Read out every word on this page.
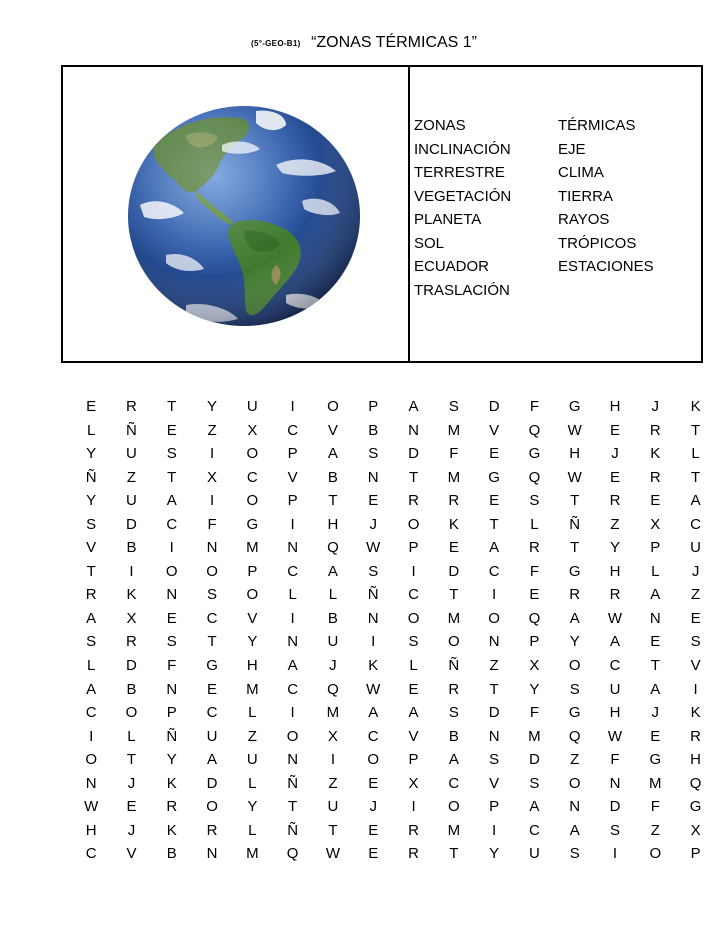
(5°-GEO-B1) “ZONAS TÉRMICAS 1”
ZONAS	TÉRMICAS
INCLINACIÓN	EJE
TERRESTRE	CLIMA
VEGETACIÓN	TIERRA
PLANETA	RAYOS
SOL	TRÓPICOS
ECUADOR	ESTACIONES
TRASLACIÓN
E	R	T	Y	U	I	O	P	A	S	D	F	G	H	J	K
L	Ñ	E	Z	X	C	V	B	N	M	V	Q	W	E	R	T
Y	U	S	I	O	P	A	S	D	F	E	G	H	J	K	L
Ñ	Z	T	X	C	V	B	N	T	M	G	Q	W	E	R	T
Y	U	A	I	O	P	T	E	R	R	E	S	T	R	E	A
S	D	C	F	G	I	H	J	O	K	T	L	Ñ	Z	X	C
V	B	I	N	M	N	Q	W	P	E	A	R	T	Y	P	U
T	I	O	O	P	C	A	S	I	D	C	F	G	H	L	J
R	K	N	S	O	L	L	Ñ	C	T	I	E	R	R	A	Z
A	X	E	C	V	I	B	N	O	M	O	Q	A	W	N	E
S	R	S	T	Y	N	U	I	S	O	N	P	Y	A	E	S
L	D	F	G	H	A	J	K	L	Ñ	Z	X	O	C	T	V
A	B	N	E	M	C	Q	W	E	R	T	Y	S	U	A	I
C	O	P	C	L	I	M	A	A	S	D	F	G	H	J	K
I	L	Ñ	U	Z	O	X	C	V	B	N	M	Q	W	E	R
O	T	Y	A	U	N	I	O	P	A	S	D	Z	F	G	H
N	J	K	D	L	Ñ	Z	E	X	C	V	S	O	N	M	Q
W	E	R	O	Y	T	U	J	I	O	P	A	N	D	F	G
H	J	K	R	L	Ñ	T	E	R	M	I	C	A	S	Z	X
C	V	B	N	M	Q	W	E	R	T	Y	U	S	I	O	P
